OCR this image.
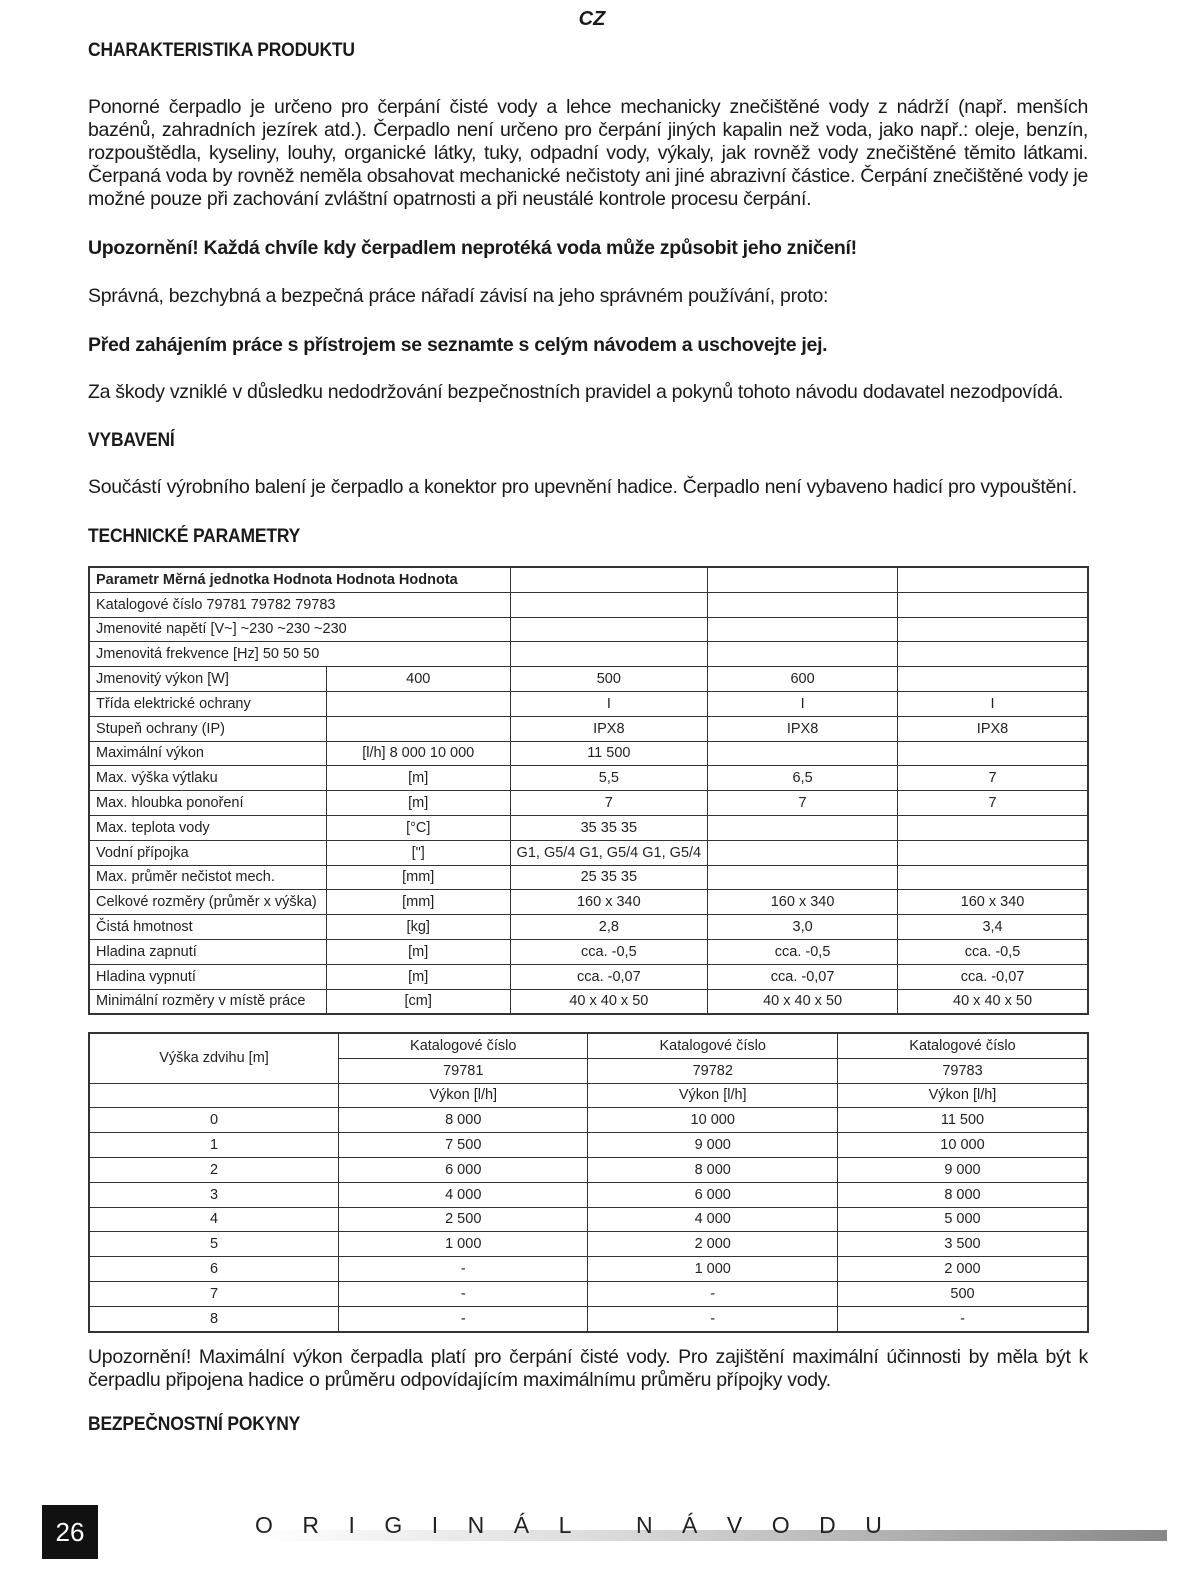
CZ
CHARAKTERISTIKA PRODUKTU

Ponorné čerpadlo je určeno pro čerpání čisté vody a lehce mechanicky znečištěné vody z nádrží (např. menších bazénů, zahradních jezírek atd.). Čerpadlo není určeno pro čerpání jiných kapalin než voda, jako např.: oleje, benzín, rozpouštědla, kyseliny, louhy, organické látky, tuky, odpadní vody, výkaly, jak rovněž vody znečištěné těmito látkami. Čerpaná voda by rovněž neměla obsahovat mechanické nečistoty ani jiné abrazivní částice. Čerpání znečištěné vody je možné pouze při zachování zvláštní opatrnosti a při neustálé kontrole procesu čerpání.

Upozornění! Každá chvíle kdy čerpadlem neprotéká voda může způsobit jeho zničení!

Správná, bezchybná a bezpečná práce nářadí závisí na jeho správném používání, proto:

Před zahájením práce s přístrojem se seznamte s celým návodem a uschovejte jej.

Za škody vzniklé v důsledku nedodržování bezpečnostních pravidel a pokynů tohoto návodu dodavatel nezodpovídá.

VYBAVENÍ

Součástí výrobního balení je čerpadlo a konektor pro upevnění hadice. Čerpadlo není vybaveno hadicí pro vypouštění.

TECHNICKÉ PARAMETRY
Parametr Měrná jednotka Hodnota Hodnota Hodnota				
Katalogové číslo 79781 79782 79783				
Jmenovité napětí [V~] ~230 ~230 ~230				
Jmenovitá frekvence [Hz] 50 50 50				
Jmenovitý výkon [W]	400	500	600	
Třída elektrické ochrany		I	I	I
Stupeň ochrany (IP)		IPX8	IPX8	IPX8
Maximální výkon	[l/h] 8 000 10 000	11 500		
Max. výška výtlaku	[m]	5,5	6,5	7
Max. hloubka ponoření	[m]	7	7	7
Max. teplota vody	[°C]	35 35 35		
Vodní přípojka	["]	G1, G5/4 G1, G5/4 G1, G5/4		
Max. průměr nečistot mech.	[mm]	25 35 35		
Celkové rozměry (průměr x výška)	[mm]	160 x 340	160 x 340	160 x 340
Čistá hmotnost	[kg]	2,8	3,0	3,4
Hladina zapnutí	[m]	cca. -0,5	cca. -0,5	cca. -0,5
Hladina vypnutí	[m]	cca. -0,07	cca. -0,07	cca. -0,07
Minimální rozměry v místě práce	[cm]	40 x 40 x 50	40 x 40 x 50	40 x 40 x 50
Výška zdvihu [m]	Katalogové číslo	Katalogové číslo	Katalogové číslo
	79781	79782	79783
	Výkon [l/h]	Výkon [l/h]	Výkon [l/h]
0	8 000	10 000	11 500
1	7 500	9 000	10 000
2	6 000	8 000	9 000
3	4 000	6 000	8 000
4	2 500	4 000	5 000
5	1 000	2 000	3 500
6	-	1 000	2 000
7	-	-	500
8	-	-	-

Upozornění! Maximální výkon čerpadla platí pro čerpání čisté vody. Pro zajištění maximální účinnosti by měla být k čerpadlu připojena hadice o průměru odpovídajícím maximálnímu průměru přípojky vody.

BEZPEČNOSTNÍ POKYNY
26	ORIGINÁL NÁVODU
